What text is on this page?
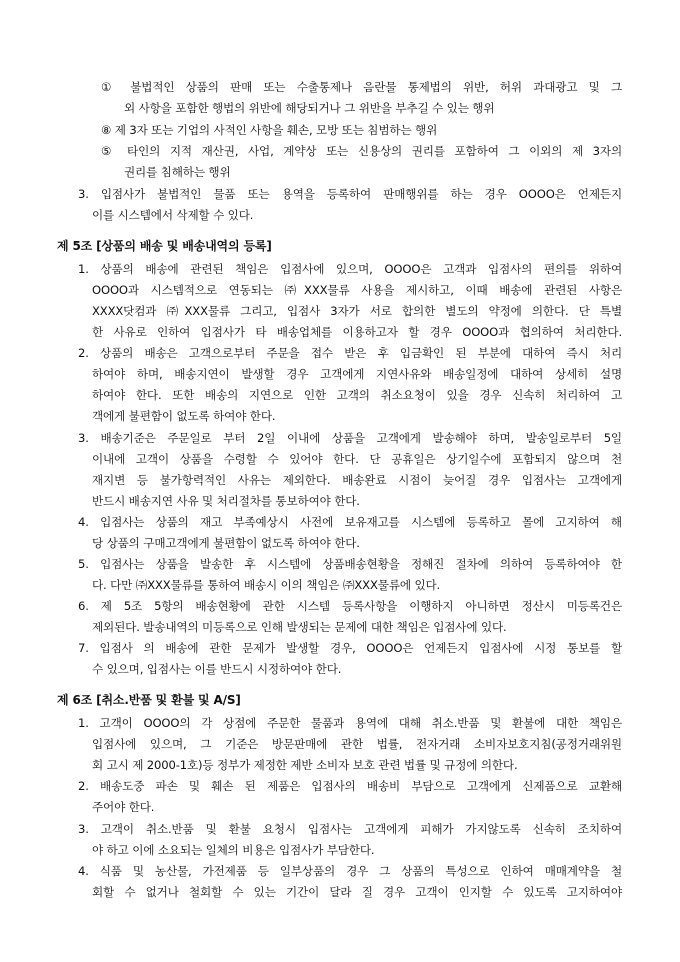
① 불법적인 상품의 판매 또는 수출통제나 음란물 통제법의 위반, 허위 과대광고 및 그
외 사항을 포함한 행법의 위반에 해당되거나 그 위반을 부추길 수 있는 행위
⑧ 제 3자 또는 기업의 사적인 사항을 훼손, 모방 또는 침범하는 행위
⑤ 타인의 지적 재산권, 사업, 계약상 또는 신용상의 권리를 포함하여 그 이외의 제 3자의
권리를 침해하는 행위
3. 입점사가 불법적인 물품 또는 용역을 등록하여 판매행위를 하는 경우 OOOO은 언제든지
이를 시스템에서 삭제할 수 있다.
제 5조 [상품의 배송 및 배송내역의 등록]
1. 상품의 배송에 관련된 책임은 입점사에 있으며, OOOO은 고객과 입점사의 편의를 위하여
OOOO과 시스템적으로 연동되는 ㈜XXX물류 사용을 제시하고, 이때 배송에 관련된 사항은
XXXX닷컴과 ㈜XXX물류 그리고, 입점사 3자가 서로 합의한 별도의 약정에 의한다. 단 특별
한 사유로 인하여 입점사가 타 배송업체를 이용하고자 할 경우 OOOO과 협의하여 처리한다.
2. 상품의 배송은 고객으로부터 주문을 접수 받은 후 입금확인 된 부분에 대하여 즉시 처리
하여야 하며, 배송지연이 발생할 경우 고객에게 지연사유와 배송일정에 대하여 상세히 설명
하여야 한다. 또한 배송의 지연으로 인한 고객의 취소요청이 있을 경우 신속히 처리하여 고
객에게 불편함이 없도록 하여야 한다.
3. 배송기준은 주문일로 부터 2일 이내에 상품을 고객에게 발송해야 하며, 발송일로부터 5일
이내에 고객이 상품을 수령할 수 있어야 한다. 단 공휴일은 상기일수에 포함되지 않으며 천
재지변 등 불가항력적인 사유는 제외한다. 배송완료 시점이 늦어질 경우 입점사는 고객에게
반드시 배송지연 사유 및 처리절차를 통보하여야 한다.
4. 입점사는 상품의 재고 부족예상시 사전에 보유재고를 시스템에 등록하고 몰에 고지하여 해
당 상품의 구매고객에게 불편함이 없도록 하여야 한다.
5. 입점사는 상품을 발송한 후 시스템에 상품배송현황을 정해진 절차에 의하여 등록하여야 한
다. 다만 ㈜XXX물류를 통하여 배송시 이의 책임은 ㈜XXX물류에 있다.
6. 제 5조 5항의 배송현황에 관한 시스템 등록사항을 이행하지 아니하면 정산시 미등록건은
제외된다. 발송내역의 미등록으로 인해 발생되는 문제에 대한 책임은 입점사에 있다.
7. 입점사 의 배송에 관한 문제가 발생할 경우, OOOO은 언제든지 입점사에 시정 통보를 할
수 있으며, 입점사는 이를 반드시 시정하여야 한다.
제 6조 [취소.반품 및 환불 및 A/S]
1. 고객이 OOOO의 각 상점에 주문한 물품과 용역에 대해 취소.반품 및 환불에 대한 책임은
입점사에 있으며, 그 기준은 방문판매에 관한 법률, 전자거래 소비자보호지침(공정거래위원
회 고시 제 2000-1호)등 정부가 제정한 제반 소비자 보호 관련 법률 및 규정에 의한다.
2. 배송도중 파손 및 훼손 된 제품은 입점사의 배송비 부담으로 고객에게 신제품으로 교환해
주어야 한다.
3. 고객이 취소.반품 및 환불 요청시 입점사는 고객에게 피해가 가지않도록 신속히 조치하여
야 하고 이에 소요되는 일체의 비용은 입점사가 부담한다.
4. 식품 및 농산물, 가전제품 등 일부상품의 경우 그 상품의 특성으로 인하여 매매계약을 철
회할 수 없거나 철회할 수 있는 기간이 달라 질 경우 고객이 인지할 수 있도록 고지하여야
